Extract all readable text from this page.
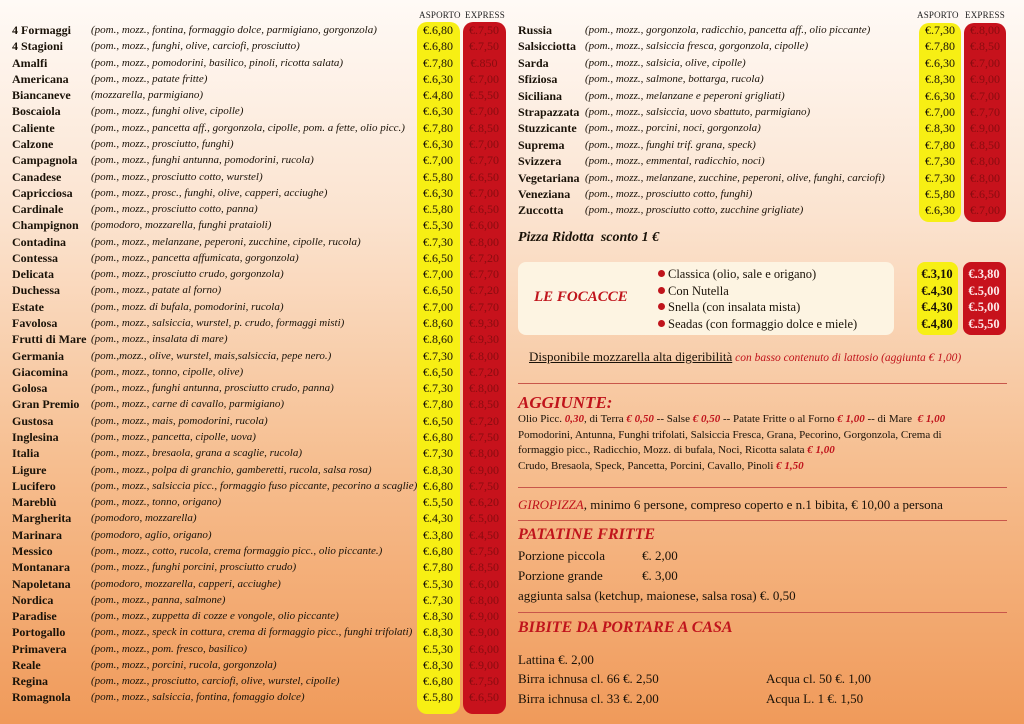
ASPORTO EXPRESS
4 Formaggi (pom., mozz., fontina, formaggio dolce, parmigiano, gorgonzola)	€.6,80	€.7,50
4 Stagioni	(pom., mozz., funghi, olive, carciofi, prosciutto)	€.6,80	€.7,50
Amalfi	(pom., mozz., pomodorini, basilico, pinoli, ricotta salata)	€.7,80	€.850
Americana (pom., mozz., patate fritte)	€.6,30	€.7,00
Biancaneve (mozzarella, parmigiano)	€.4,80	€.5,50
Boscaiola	(pom., mozz., funghi olive, cipolle)	€.6,30	€.7,00
Caliente	(pom., mozz., pancetta aff., gorgonzola, cipolle, pom. a fette, olio picc.)	€.7,80	€.8,50
Calzone	(pom., mozz., prosciutto, funghi)	€.6,30	€.7,00
Campagnola (pom., mozz., funghi antunna, pomodorini, rucola)	€.7,00	€.7,70
Canadese	(pom., mozz., prosciutto cotto, wurstel)	€.5,80	€.6,50
Capricciosa (pom., mozz., prosc., funghi, olive, capperi, acciughe)	€.6,30	€.7,00
Cardinale	(pom., mozz., prosciutto cotto, panna)	€.5,80	€.6,50
Champignon (pomodoro, mozzarella, funghi prataioli)	€.5,30	€.6,00
Contadina (pom., mozz., melanzane, peperoni, zucchine, cipolle, rucola)	€.7,30	€.8,00
Contessa	(pom., mozz., pancetta affumicata, gorgonzola)	€.6,50	€.7,20
Delicata	(pom., mozz., prosciutto crudo, gorgonzola)	€.7,00	€.7,70
Duchessa	(pom., mozz., patate al forno)	€.6,50	€.7,20
Estate	(pom., mozz. di bufala, pomodorini, rucola)	€.7,00	€.7,70
Favolosa	(pom., mozz., salsiccia, wurstel, p. crudo, formaggi misti)	€.8,60	€.9,30
Frutti di Mare (pom., mozz., insalata di mare)	€.8,60	€.9,30
Germania (pom.,mozz., olive, wurstel, mais,salsiccia, pepe nero.)	€.7,30	€.8,00
Giacomina (pom., mozz., tonno, cipolle, olive)	€.6,50	€.7,20
Golosa	(pom., mozz., funghi antunna, prosciutto crudo, panna)	€.7,30	€.8,00
Gran Premio (pom., mozz., carne di cavallo, parmigiano)	€.7,80	€.8,50
Gustosa	(pom., mozz., mais, pomodorini, rucola)	€.6,50	€.7,20
Inglesina	(pom., mozz., pancetta, cipolle, uova)	€.6,80	€.7,50
Italia	(pom., mozz., bresaola, grana a scaglie, rucola)	€.7,30	€.8,00
Ligure	(pom., mozz., polpa di granchio, gamberetti, rucola, salsa rosa)	€.8,30	€.9,00
Lucifero	(pom., mozz., salsiccia picc., formaggio fuso piccante, pecorino a scaglie) €.6,80	€.7,50
Mareblù	(pom., mozz., tonno, origano)	€.5,50	€.6,20
Margherita (pomodoro, mozzarella)	€.4,30	€.5,00
Marinara	(pomodoro, aglio, origano)	€.3,80	€.4,50
Messico	(pom., mozz., cotto, rucola, crema formaggio picc., olio piccante.)	€.6,80	€.7,50
Montanara (pom., mozz., funghi porcini, prosciutto crudo)	€.7,80	€.8,50
Napoletana (pomodoro, mozzarella, capperi, acciughe)	€.5,30	€.6,00
Nordica	(pom., mozz., panna, salmone)	€.7,30	€.8,00
Paradise	(pom., mozz., zuppetta di cozze e vongole, olio piccante)	€.8,30	€.9,00
Portogallo (pom., mozz., speck in cottura, crema di formaggio picc., funghi trifolati) €.8,30	€.9,00
Primavera (pom., mozz., pom. fresco, basilico)	€.5,30	€.6,00
Reale	(pom., mozz., porcini, rucola, gorgonzola)	€.8,30	€.9,00
Regina	(pom., mozz., prosciutto, carciofi, olive, wurstel, cipolle)	€.6,80	€.7,50
Romagnola (pom., mozz., salsiccia, fontina, fomaggio dolce)	€.5,80	€.6,50
ASPORTO EXPRESS
Russia	(pom., mozz., gorgonzola, radicchio, pancetta aff., olio piccante)	€.7,30	€.8,00
Salsicciotta (pom., mozz., salsiccia fresca, gorgonzola, cipolle)	€.7,80	€.8,50
Sarda	(pom., mozz., salsicia, olive, cipolle)	€.6,30	€.7,00
Sfiziosa	(pom., mozz., salmone, bottarga, rucola)	€.8,30	€.9,00
Siciliana (pom., mozz., melanzane e peperoni grigliati)	€.6,30	€.7,00
Strapazzata (pom., mozz., salsiccia, uovo sbattuto, parmigiano)	€.7,00	€.7,70
Stuzzicante (pom., mozz., porcini, noci, gorgonzola)	€.8,30	€.9,00
Suprema (pom., mozz., funghi trif. grana, speck)	€.7,80	€.8,50
Svizzera (pom., mozz., emmental, radicchio, noci)	€.7,30	€.8,00
Vegetariana (pom., mozz., melanzane, zucchine, peperoni, olive, funghi, carciofi)	€.7,30	€.8,00
Veneziana (pom., mozz., prosciutto cotto, funghi)	€.5,80	€.6,50
Zuccotta (pom., mozz., prosciutto cotto, zucchine grigliate)	€.6,30	€.7,00
Pizza Ridotta  sconto 1 €
LE FOCACCE
Classica (olio, sale e origano)	€.3,10	€.3,80
Con Nutella	€.4,30	€.5,00
Snella (con insalata mista)	€.4,30	€.5,00
Seadas (con formaggio dolce e miele)	€.4,80	€.5,50
Disponibile mozzarella alta digeribilità con basso contenuto di lattosio (aggiunta € 1,00)
AGGIUNTE:
Olio Picc. 0,30, di Terra € 0,50 -- Salse € 0,50 -- Patate Fritte o al Forno € 1,00 -- di Mare  € 1,00
Pomodorini, Antunna, Funghi trifolati, Salsiccia Fresca, Grana, Pecorino, Gorgonzola, Crema di formaggio picc., Radicchio, Mozz. di bufala, Noci, Ricotta salata € 1,00
Crudo, Bresaola, Speck, Pancetta, Porcini, Cavallo, Pinoli € 1,50
GIROPIZZA, minimo 6 persone, compreso coperto e n.1 bibita, € 10,00 a persona
PATATINE FRITTE
Porzione piccola	€. 2,00
Porzione grande	€. 3,00
aggiunta salsa (ketchup, maionese, salsa rosa) €. 0,50
BIBITE DA PORTARE A CASA
Lattina €. 2,00
Birra ichnusa cl. 66 €. 2,50
Birra ichnusa cl. 33 €. 2,00
Acqua cl. 50 €. 1,00
Acqua L. 1 €. 1,50
